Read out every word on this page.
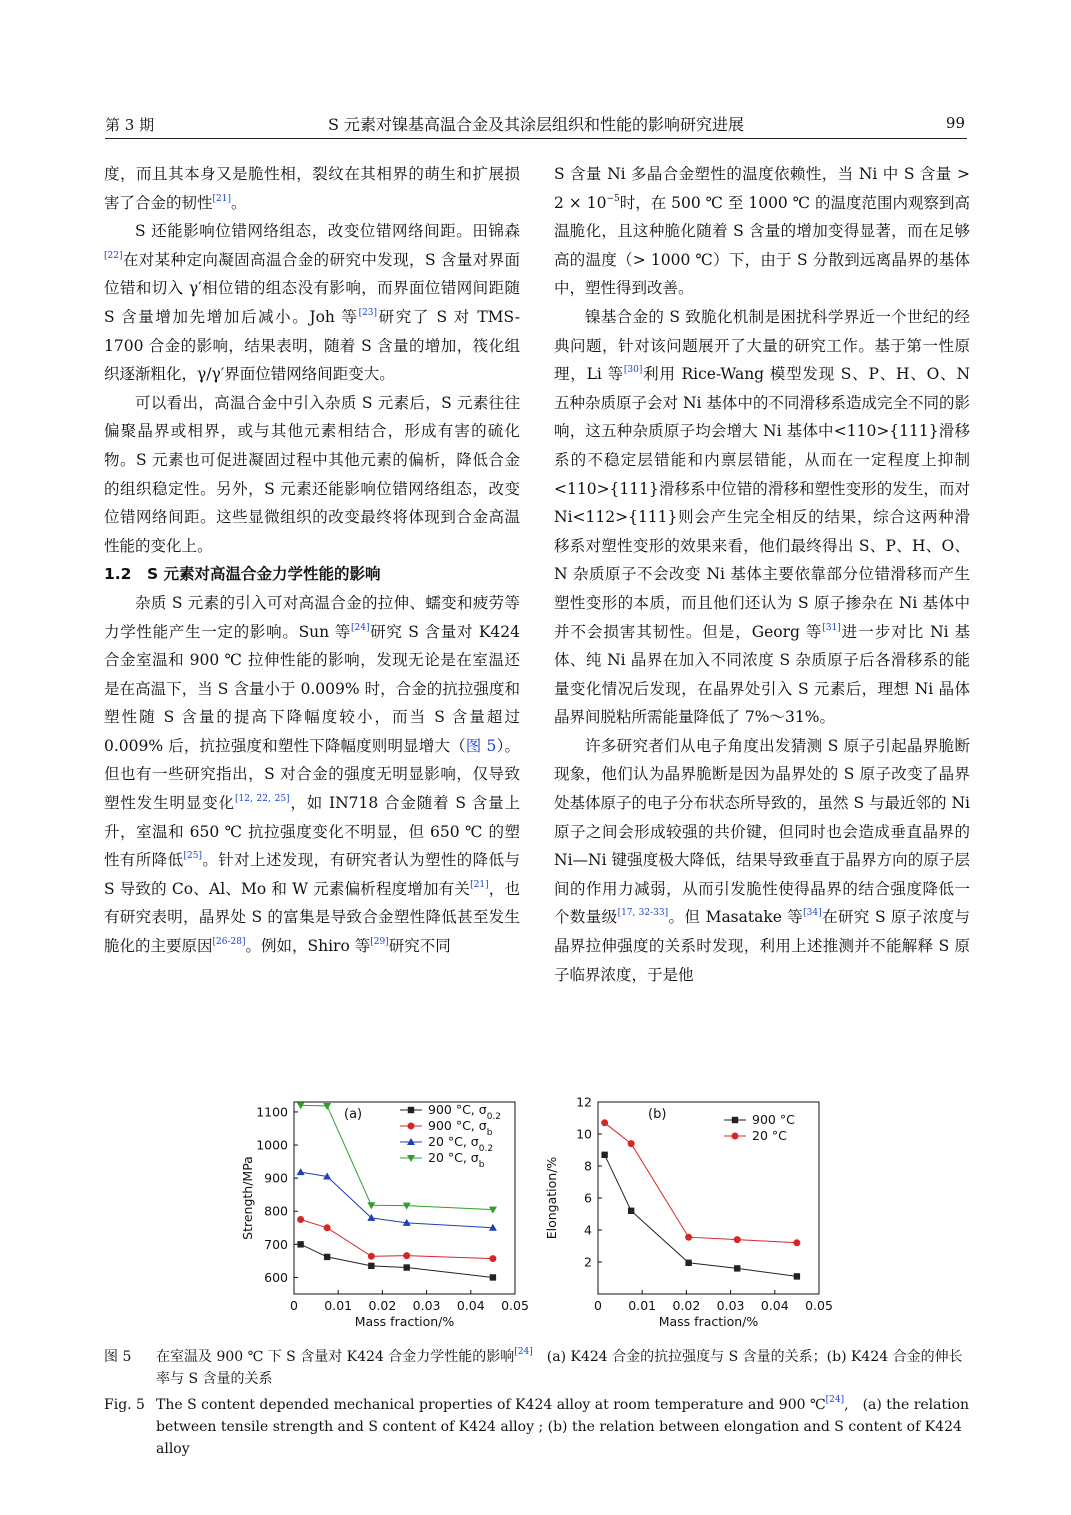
第 3 期	S 元素对镍基高温合金及其涂层组织和性能的影响研究进展	99

度，而且其本身又是脆性相，裂纹在其相界的萌生和扩展损害了合金的韧性[21]。

S 还能影响位错网络组态，改变位错网络间距。田锦森[22]在对某种定向凝固高温合金的研究中发现，S 含量对界面位错和切入 γ′相位错的组态没有影响，而界面位错网间距随 S 含量增加先增加后减小。Joh 等[23]研究了 S 对 TMS-1700 合金的影响，结果表明，随着 S 含量的增加，筏化组织逐渐粗化，γ/γ′界面位错网络间距变大。

可以看出，高温合金中引入杂质 S 元素后，S 元素往往偏聚晶界或相界，或与其他元素相结合，形成有害的硫化物。S 元素也可促进凝固过程中其他元素的偏析，降低合金的组织稳定性。另外，S 元素还能影响位错网络组态，改变位错网络间距。这些显微组织的改变最终将体现到合金高温性能的变化上。

1.2　S 元素对高温合金力学性能的影响

杂质 S 元素的引入可对高温合金的拉伸、蠕变和疲劳等力学性能产生一定的影响。Sun 等[24]研究 S 含量对 K424 合金室温和 900 ℃ 拉伸性能的影响，发现无论是在室温还是在高温下，当 S 含量小于 0.009% 时，合金的抗拉强度和塑性随 S 含量的提高下降幅度较小，而当 S 含量超过 0.009% 后，抗拉强度和塑性下降幅度则明显增大（图 5）。但也有一些研究指出，S 对合金的强度无明显影响，仅导致塑性发生明显变化[12, 22, 25]，如 IN718 合金随着 S 含量上升，室温和 650 ℃ 抗拉强度变化不明显，但 650 ℃ 的塑性有所降低[25]。针对上述发现，有研究者认为塑性的降低与 S 导致的 Co、Al、Mo 和 W 元素偏析程度增加有关[21]，也有研究表明，晶界处 S 的富集是导致合金塑性降低甚至发生脆化的主要原因[26-28]。例如，Shiro 等[29]研究不同

S 含量 Ni 多晶合金塑性的温度依赖性，当 Ni 中 S 含量 > $2 \times 10^{-5}$时，在 500 ℃ 至 1000 ℃ 的温度范围内观察到高温脆化，且这种脆化随着 S 含量的增加变得显著，而在足够高的温度（> 1000 ℃）下，由于 S 分散到远离晶界的基体中，塑性得到改善。

镍基合金的 S 致脆化机制是困扰科学界近一个世纪的经典问题，针对该问题展开了大量的研究工作。基于第一性原理，Li 等[30]利用 Rice-Wang 模型发现 S、P、H、O、N 五种杂质原子会对 Ni 基体中的不同滑移系造成完全不同的影响，这五种杂质原子均会增大 Ni 基体中<110>{111}滑移系的不稳定层错能和内禀层错能，从而在一定程度上抑制<110>{111}滑移系中位错的滑移和塑性变形的发生，而对 Ni<112>{111}则会产生完全相反的结果，综合这两种滑移系对塑性变形的效果来看，他们最终得出 S、P、H、O、N 杂质原子不会改变 Ni 基体主要依靠部分位错滑移而产生塑性变形的本质，而且他们还认为 S 原子掺杂在 Ni 基体中并不会损害其韧性。但是，Georg 等[31]进一步对比 Ni 基体、纯 Ni 晶界在加入不同浓度 S 杂质原子后各滑移系的能量变化情况后发现，在晶界处引入 S 元素后，理想 Ni 晶体晶界间脱粘所需能量降低了 7%～31%。

许多研究者们从电子角度出发猜测 S 原子引起晶界脆断现象，他们认为晶界脆断是因为晶界处的 S 原子改变了晶界处基体原子的电子分布状态所导致的，虽然 S 与最近邻的 Ni 原子之间会形成较强的共价键，但同时也会造成垂直晶界的 Ni—Ni 键强度极大降低，结果导致垂直于晶界方向的原子层间的作用力减弱，从而引发脆性使得晶界的结合强度降低一个数量级[17, 32-33]。但 Masatake 等[34]在研究 S 原子浓度与晶界拉伸强度的关系时发现，利用上述推测并不能解释 S 原子临界浓度，于是他

0 0.01 0.02 0.03 0.04 0.05
600
700
800
900
1000
1100
Mass fraction/%
Strength/MPa
(a)	900 °C, $\sigma_{0.2}$
900 °C, $\sigma_b$
20 °C, $\sigma_{0.2}$
20 °C, $\sigma_b$
0 0.01 0.02 0.03 0.04 0.05
2
4
6
8
10
12
Mass fraction/%
Elongation/%
(b)	900 °C
20 °C
图 5 在室温及 900 ℃ 下 S 含量对 K424 合金力学性能的影响[24]　(a) K424 合金的抗拉强度与 S 含量的关系；(b) K424 合金的伸长率与 S 含量的关系
Fig. 5 The S content depended mechanical properties of K424 alloy at room temperature and 900 ℃[24],　(a) the relation between tensile strength and S content of K424 alloy ; (b) the relation between elongation and S content of K424 alloy
